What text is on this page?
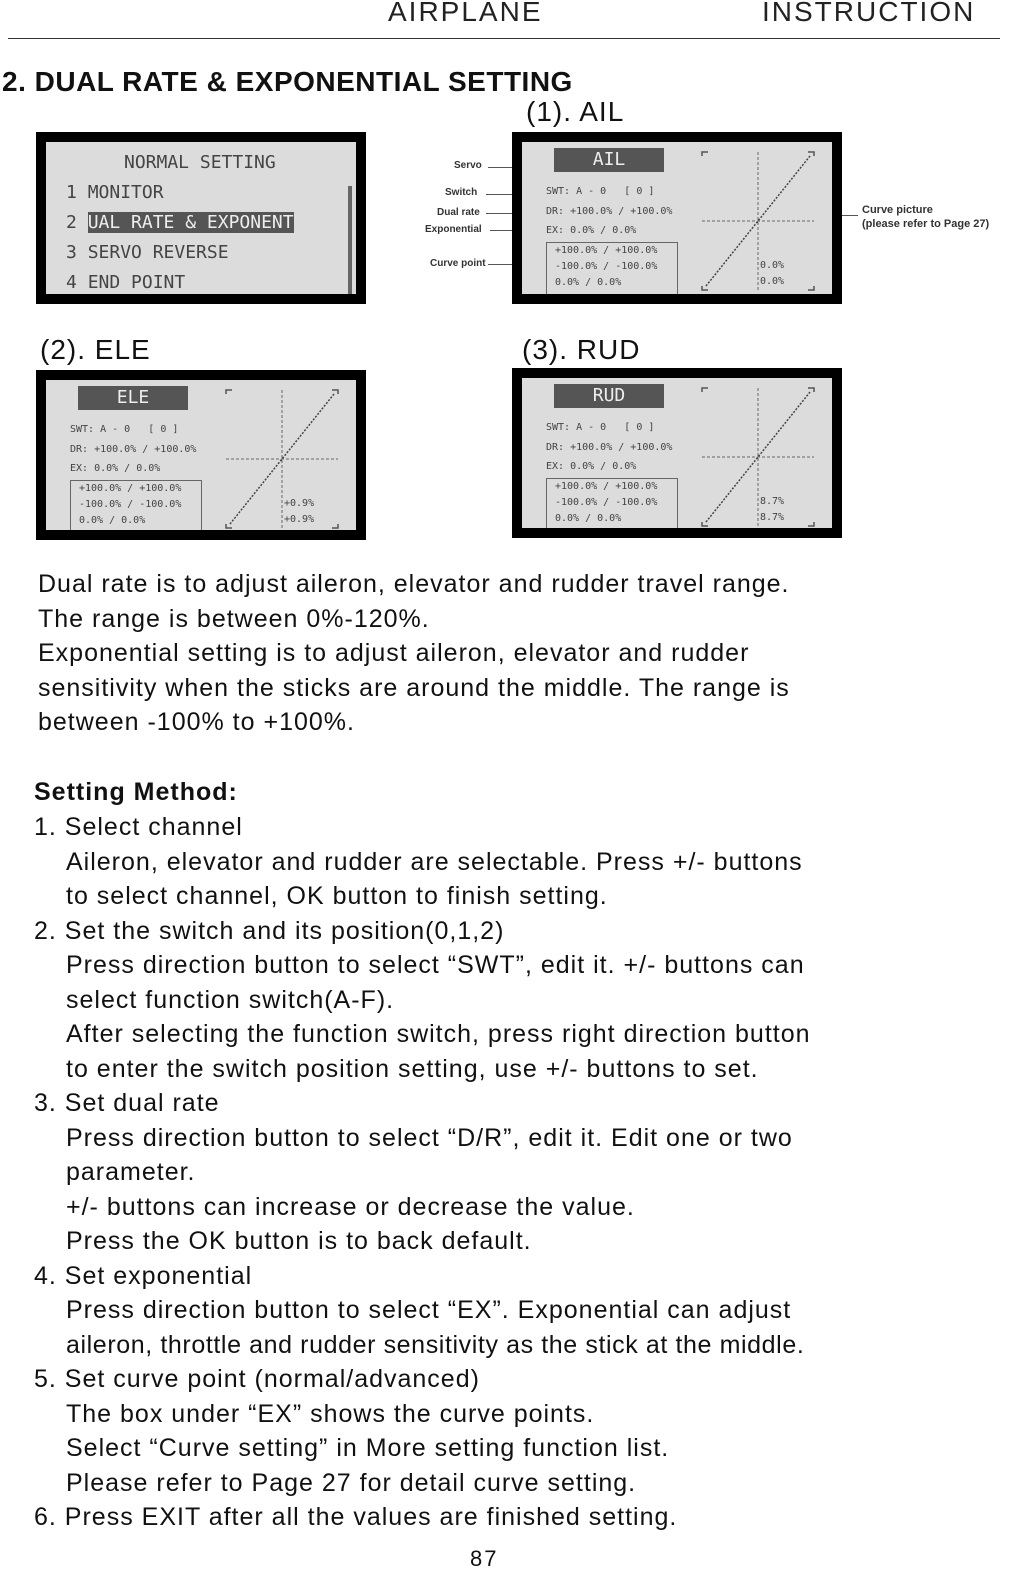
AIRPLANE	INSTRUCTION
2. DUAL RATE & EXPONENTIAL SETTING
(1). AIL
(2). ELE	(3). RUD
NORMAL SETTING
1 MONITOR
2 UAL RATE & EXPONENT
3 SERVO REVERSE
4 END POINT
Servo
Switch
Dual rate
Exponential
Curve point
Curve picture
(please refer to Page 27)
AIL
SWT: A - 0 [ 0 ]
DR: +100.0% / +100.0%
EX: 0.0% / 0.0%
+100.0% / +100.0%
-100.0% / -100.0%
0.0% / 0.0%
0.0%
0.0%
ELE
SWT: A - 0 [ 0 ]
DR: +100.0% / +100.0%
EX: 0.0% / 0.0%
+100.0% / +100.0%
-100.0% / -100.0%
0.0% / 0.0%
+0.9%
+0.9%
RUD
SWT: A - 0 [ 0 ]
DR: +100.0% / +100.0%
EX: 0.0% / 0.0%
+100.0% / +100.0%
-100.0% / -100.0%
0.0% / 0.0%
8.7%
8.7%
Dual rate is to adjust aileron, elevator and rudder travel range.
The range is between 0%-120%.
Exponential setting is to adjust aileron, elevator and rudder
sensitivity when the sticks are around the middle. The range is
between -100% to +100%.
Setting Method:
1. Select channel
Aileron, elevator and rudder are selectable. Press +/- buttons
to select channel, OK button to finish setting.
2. Set the switch and its position(0,1,2)
Press direction button to select “SWT”, edit it. +/- buttons can
select function switch(A-F).
After selecting the function switch, press right direction button
to enter the switch position setting, use +/- buttons to set.
3. Set dual rate
Press direction button to select “D/R”, edit it. Edit one or two
parameter.
+/- buttons can increase or decrease the value.
Press the OK button is to back default.
4. Set exponential
Press direction button to select “EX”. Exponential can adjust
aileron, throttle and rudder sensitivity as the stick at the middle.
5. Set curve point (normal/advanced)
The box under “EX” shows the curve points.
Select “Curve setting” in More setting function list.
Please refer to Page 27 for detail curve setting.
6. Press EXIT after all the values are finished setting.
87
